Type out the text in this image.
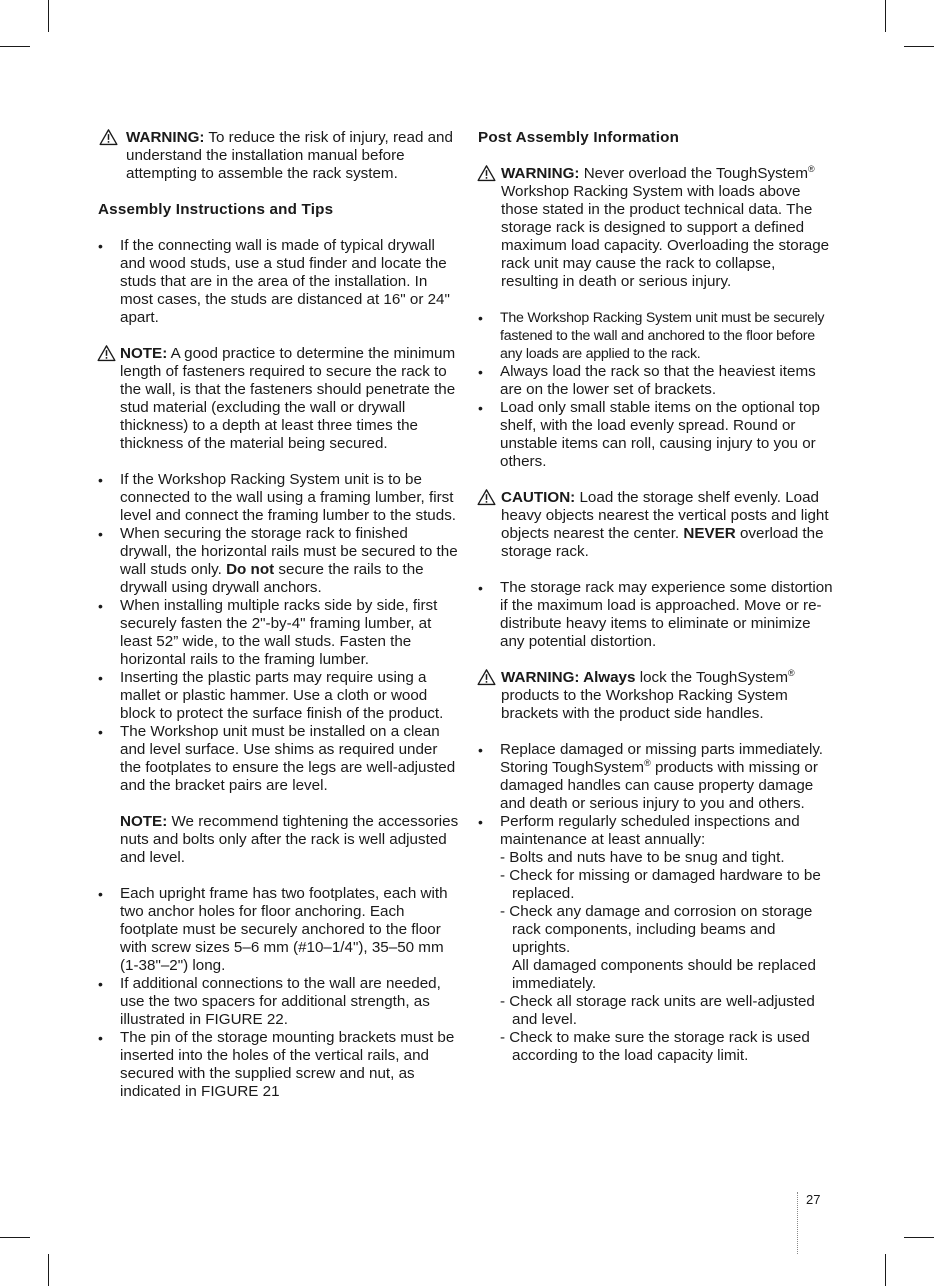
WARNING: To reduce the risk of injury, read and understand the installation manual before attempting to assemble the rack system.
Assembly Instructions and Tips

• If the connecting wall is made of typical drywall and wood studs, use a stud finder and locate the studs that are in the area of the installation. In most cases, the studs are distanced at 16" or 24" apart.

NOTE: A good practice to determine the minimum length of fasteners required to secure the rack to the wall, is that the fasteners should penetrate the stud material (excluding the wall or drywall thickness) to a depth at least three times the thickness of the material being secured.

• If the Workshop Racking System unit is to be connected to the wall using a framing lumber, first level and connect the framing lumber to the studs.

• When securing the storage rack to finished drywall, the horizontal rails must be secured to the wall studs only. Do not secure the rails to the drywall using drywall anchors.

• When installing multiple racks side by side, first securely fasten the 2"-by-4" framing lumber, at least 52” wide, to the wall studs. Fasten the horizontal rails to the framing lumber.

• Inserting the plastic parts may require using a mallet or plastic hammer. Use a cloth or wood block to protect the surface finish of the product.

• The Workshop unit must be installed on a clean and level surface. Use shims as required under the footplates to ensure the legs are well-adjusted and the bracket pairs are level.

NOTE: We recommend tightening the accessories nuts and bolts only after the rack is well adjusted and level.

• Each upright frame has two footplates, each with two anchor holes for floor anchoring. Each footplate must be securely anchored to the floor with screw sizes 5–6 mm (#10–1/4"), 35–50 mm (1-38"–2") long.

• If additional connections to the wall are needed, use the two spacers for additional strength, as illustrated in FIGURE 22.

• The pin of the storage mounting brackets must be inserted into the holes of the vertical rails, and secured with the supplied screw and nut, as indicated in FIGURE 21

Post Assembly Information
WARNING: Never overload the ToughSystem® Workshop Racking System with loads above those stated in the product technical data. The storage rack is designed to support a defined maximum load capacity. Overloading the storage rack unit may cause the rack to collapse, resulting in death or serious injury.

• The Workshop Racking System unit must be securely fastened to the wall and anchored to the floor before any loads are applied to the rack.

• Always load the rack so that the heaviest items are on the lower set of brackets.

• Load only small stable items on the optional top shelf, with the load evenly spread. Round or unstable items can roll, causing injury to you or others.

CAUTION: Load the storage shelf evenly. Load heavy objects nearest the vertical posts and light objects nearest the center. NEVER overload the storage rack.

• The storage rack may experience some distortion if the maximum load is approached. Move or re-distribute heavy items to eliminate or minimize any potential distortion.

WARNING: Always lock the ToughSystem® products to the Workshop Racking System brackets with the product side handles.

• Replace damaged or missing parts immediately. Storing ToughSystem® products with missing or damaged handles can cause property damage and death or serious injury to you and others.

• Perform regularly scheduled inspections and maintenance at least annually:
- Bolts and nuts have to be snug and tight.
- Check for missing or damaged hardware to be replaced.
- Check any damage and corrosion on storage rack components, including beams and uprights.
All damaged components should be replaced immediately.
- Check all storage rack units are well-adjusted and level.
- Check to make sure the storage rack is used according to the load capacity limit.
27
